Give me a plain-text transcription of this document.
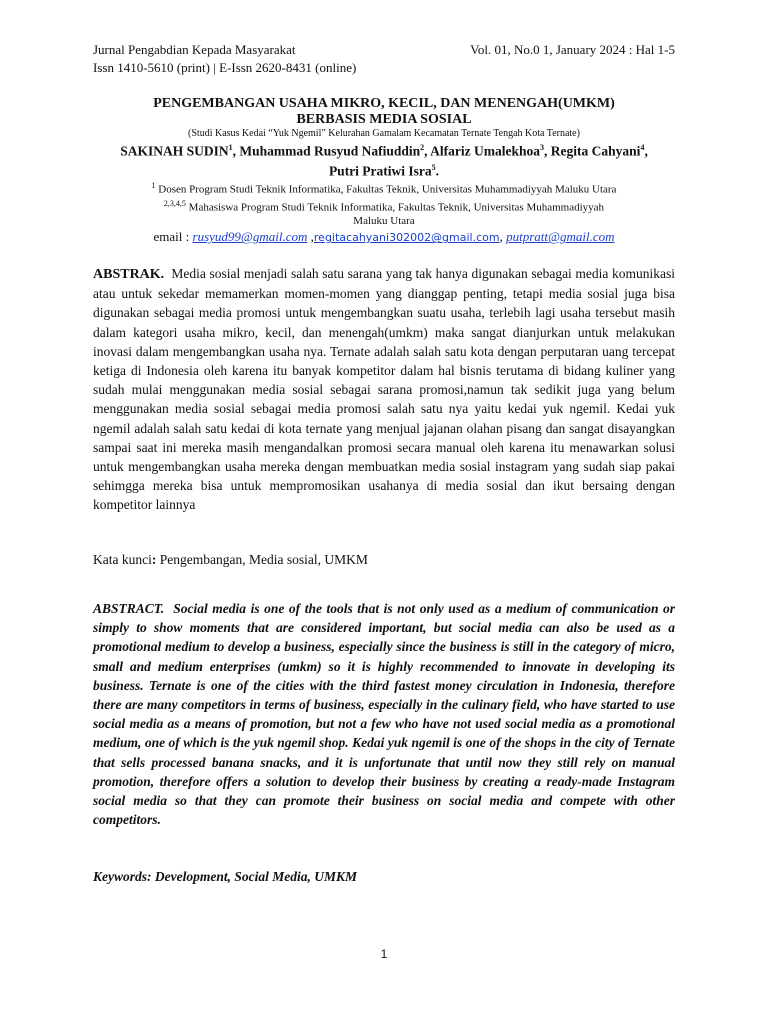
Jurnal Pengabdian Kepada Masyarakat	Vol. 01, No.0 1, January 2024 : Hal 1-5
Issn 1410-5610 (print) | E-Issn 2620-8431 (online)
PENGEMBANGAN USAHA MIKRO, KECIL, DAN MENENGAH(UMKM)
BERBASIS MEDIA SOSIAL
(Studi Kasus Kedai “Yuk Ngemil” Kelurahan Gamalam Kecamatan Ternate Tengah Kota Ternate)
SAKINAH SUDIN$^1$, Muhammad Rusyud Nafiuddin$^2$, Alfariz Umalekhoa$^3$, Regita Cahyani$^4$,
Putri Pratiwi Isra$^5$.
$^1$ Dosen Program Studi Teknik Informatika, Fakultas Teknik, Universitas Muhammadiyyah Maluku Utara
$^{2,3,4,5}$ Mahasiswa Program Studi Teknik Informatika, Fakultas Teknik, Universitas Muhammadiyyah
Maluku Utara
email : rusyud99@gmail.com ,regitacahyani302002@gmail.com, putpratt@gmail.com
ABSTRAK. Media sosial menjadi salah satu sarana yang tak hanya digunakan sebagai media komunikasi atau untuk sekedar memamerkan momen-momen yang dianggap penting, tetapi media sosial juga bisa digunakan sebagai media promosi untuk mengembangkan suatu usaha, terlebih lagi usaha tersebut masih dalam kategori usaha mikro, kecil, dan menengah(umkm) maka sangat dianjurkan untuk melakukan inovasi dalam mengembangkan usaha nya. Ternate adalah salah satu kota dengan perputaran uang tercepat ketiga di Indonesia oleh karena itu banyak kompetitor dalam hal bisnis terutama di bidang kuliner yang sudah mulai menggunakan media sosial sebagai sarana promosi,namun tak sedikit juga yang belum menggunakan media sosial sebagai media promosi salah satu nya yaitu kedai yuk ngemil. Kedai yuk ngemil adalah salah satu kedai di kota ternate yang menjual jajanan olahan pisang dan sangat disayangkan sampai saat ini mereka masih mengandalkan promosi secara manual oleh karena itu menawarkan solusi untuk mengembangkan usaha mereka dengan membuatkan media sosial instagram yang sudah siap pakai sehimgga mereka bisa untuk mempromosikan usahanya di media sosial dan ikut bersaing dengan kompetitor lainnya
Kata kunci: Pengembangan, Media sosial, UMKM
ABSTRACT. Social media is one of the tools that is not only used as a medium of communication or simply to show moments that are considered important, but social media can also be used as a promotional medium to develop a business, especially since the business is still in the category of micro, small and medium enterprises (umkm) so it is highly recommended to innovate in developing its business. Ternate is one of the cities with the third fastest money circulation in Indonesia, therefore there are many competitors in terms of business, especially in the culinary field, who have started to use social media as a means of promotion, but not a few who have not used social media as a promotional medium, one of which is the yuk ngemil shop. Kedai yuk ngemil is one of the shops in the city of Ternate that sells processed banana snacks, and it is unfortunate that until now they still rely on manual promotion, therefore offers a solution to develop their business by creating a ready-made Instagram social media so that they can promote their business on social media and compete with other competitors.
Keywords: Development, Social Media, UMKM
1
